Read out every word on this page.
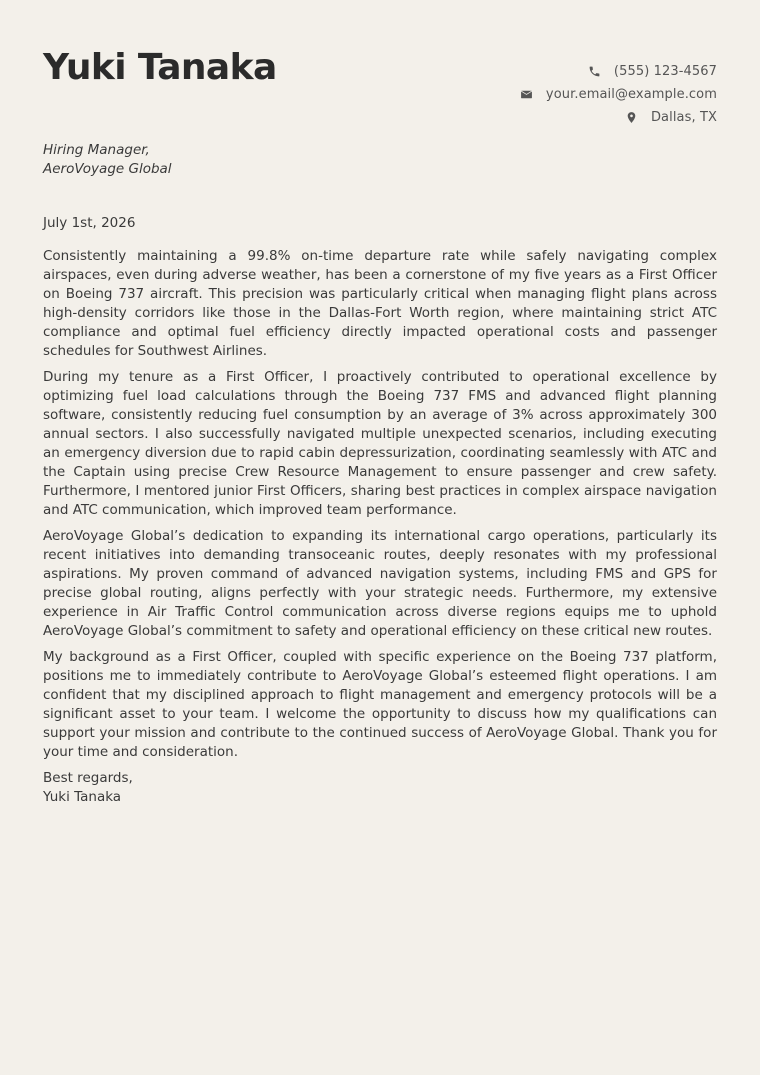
Yuki Tanaka	(555) 123-4567
your.email@example.com
Dallas, TX
Hiring Manager,
AeroVoyage Global
July 1st, 2026

Consistently maintaining a 99.8% on-time departure rate while safely navigating complex airspaces, even during adverse weather, has been a cornerstone of my five years as a First Officer on Boeing 737 aircraft. This precision was particularly critical when managing flight plans across high-density corridors like those in the Dallas-Fort Worth region, where maintaining strict ATC compliance and optimal fuel efficiency directly impacted operational costs and passenger schedules for Southwest Airlines.

During my tenure as a First Officer, I proactively contributed to operational excellence by optimizing fuel load calculations through the Boeing 737 FMS and advanced flight planning software, consistently reducing fuel consumption by an average of 3% across approximately 300 annual sectors. I also successfully navigated multiple unexpected scenarios, including executing an emergency diversion due to rapid cabin depressurization, coordinating seamlessly with ATC and the Captain using precise Crew Resource Management to ensure passenger and crew safety. Furthermore, I mentored junior First Officers, sharing best practices in complex airspace navigation and ATC communication, which improved team performance.

AeroVoyage Global’s dedication to expanding its international cargo operations, particularly its recent initiatives into demanding transoceanic routes, deeply resonates with my professional aspirations. My proven command of advanced navigation systems, including FMS and GPS for precise global routing, aligns perfectly with your strategic needs. Furthermore, my extensive experience in Air Traffic Control communication across diverse regions equips me to uphold AeroVoyage Global’s commitment to safety and operational efficiency on these critical new routes.

My background as a First Officer, coupled with specific experience on the Boeing 737 platform, positions me to immediately contribute to AeroVoyage Global’s esteemed flight operations. I am confident that my disciplined approach to flight management and emergency protocols will be a significant asset to your team. I welcome the opportunity to discuss how my qualifications can support your mission and contribute to the continued success of AeroVoyage Global. Thank you for your time and consideration.

Best regards,
Yuki Tanaka
